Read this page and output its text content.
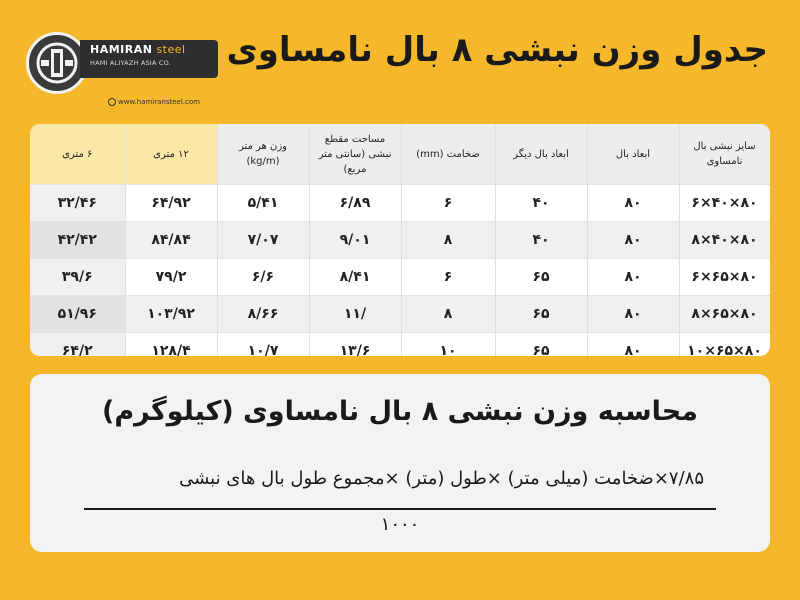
HAMIRAN steel
HAMI ALIYAZH ASIA CO.
www.hamiransteel.com
جدول وزن نبشی ۸ بال نامساوی
سایز نبشی بال نامساوی	ابعاد بال	ابعاد بال دیگر	ضخامت (mm)	مساحت مقطع نبشی (سانتی متر مربع)	وزن هر متر (kg/m)	۱۲ متری	۶ متری
۸۰×۴۰×۶	۸۰	۴۰	۶	۶/۸۹	۵/۴۱	۶۴/۹۲	۳۲/۴۶
۸۰×۴۰×۸	۸۰	۴۰	۸	۹/۰۱	۷/۰۷	۸۴/۸۴	۴۲/۴۲
۸۰×۶۵×۶	۸۰	۶۵	۶	۸/۴۱	۶/۶	۷۹/۲	۳۹/۶
۸۰×۶۵×۸	۸۰	۶۵	۸	/۱۱	۸/۶۶	۱۰۳/۹۲	۵۱/۹۶
۸۰×۶۵×۱۰	۸۰	۶۵	۱۰	۱۳/۶	۱۰/۷	۱۲۸/۴	۶۴/۲
محاسبه وزن نبشی ۸ بال نامساوی (کیلوگرم)
۷/۸۵×ضخامت (میلی متر) ×طول (متر) ×مجموع طول بال های نبشی
۱۰۰۰
